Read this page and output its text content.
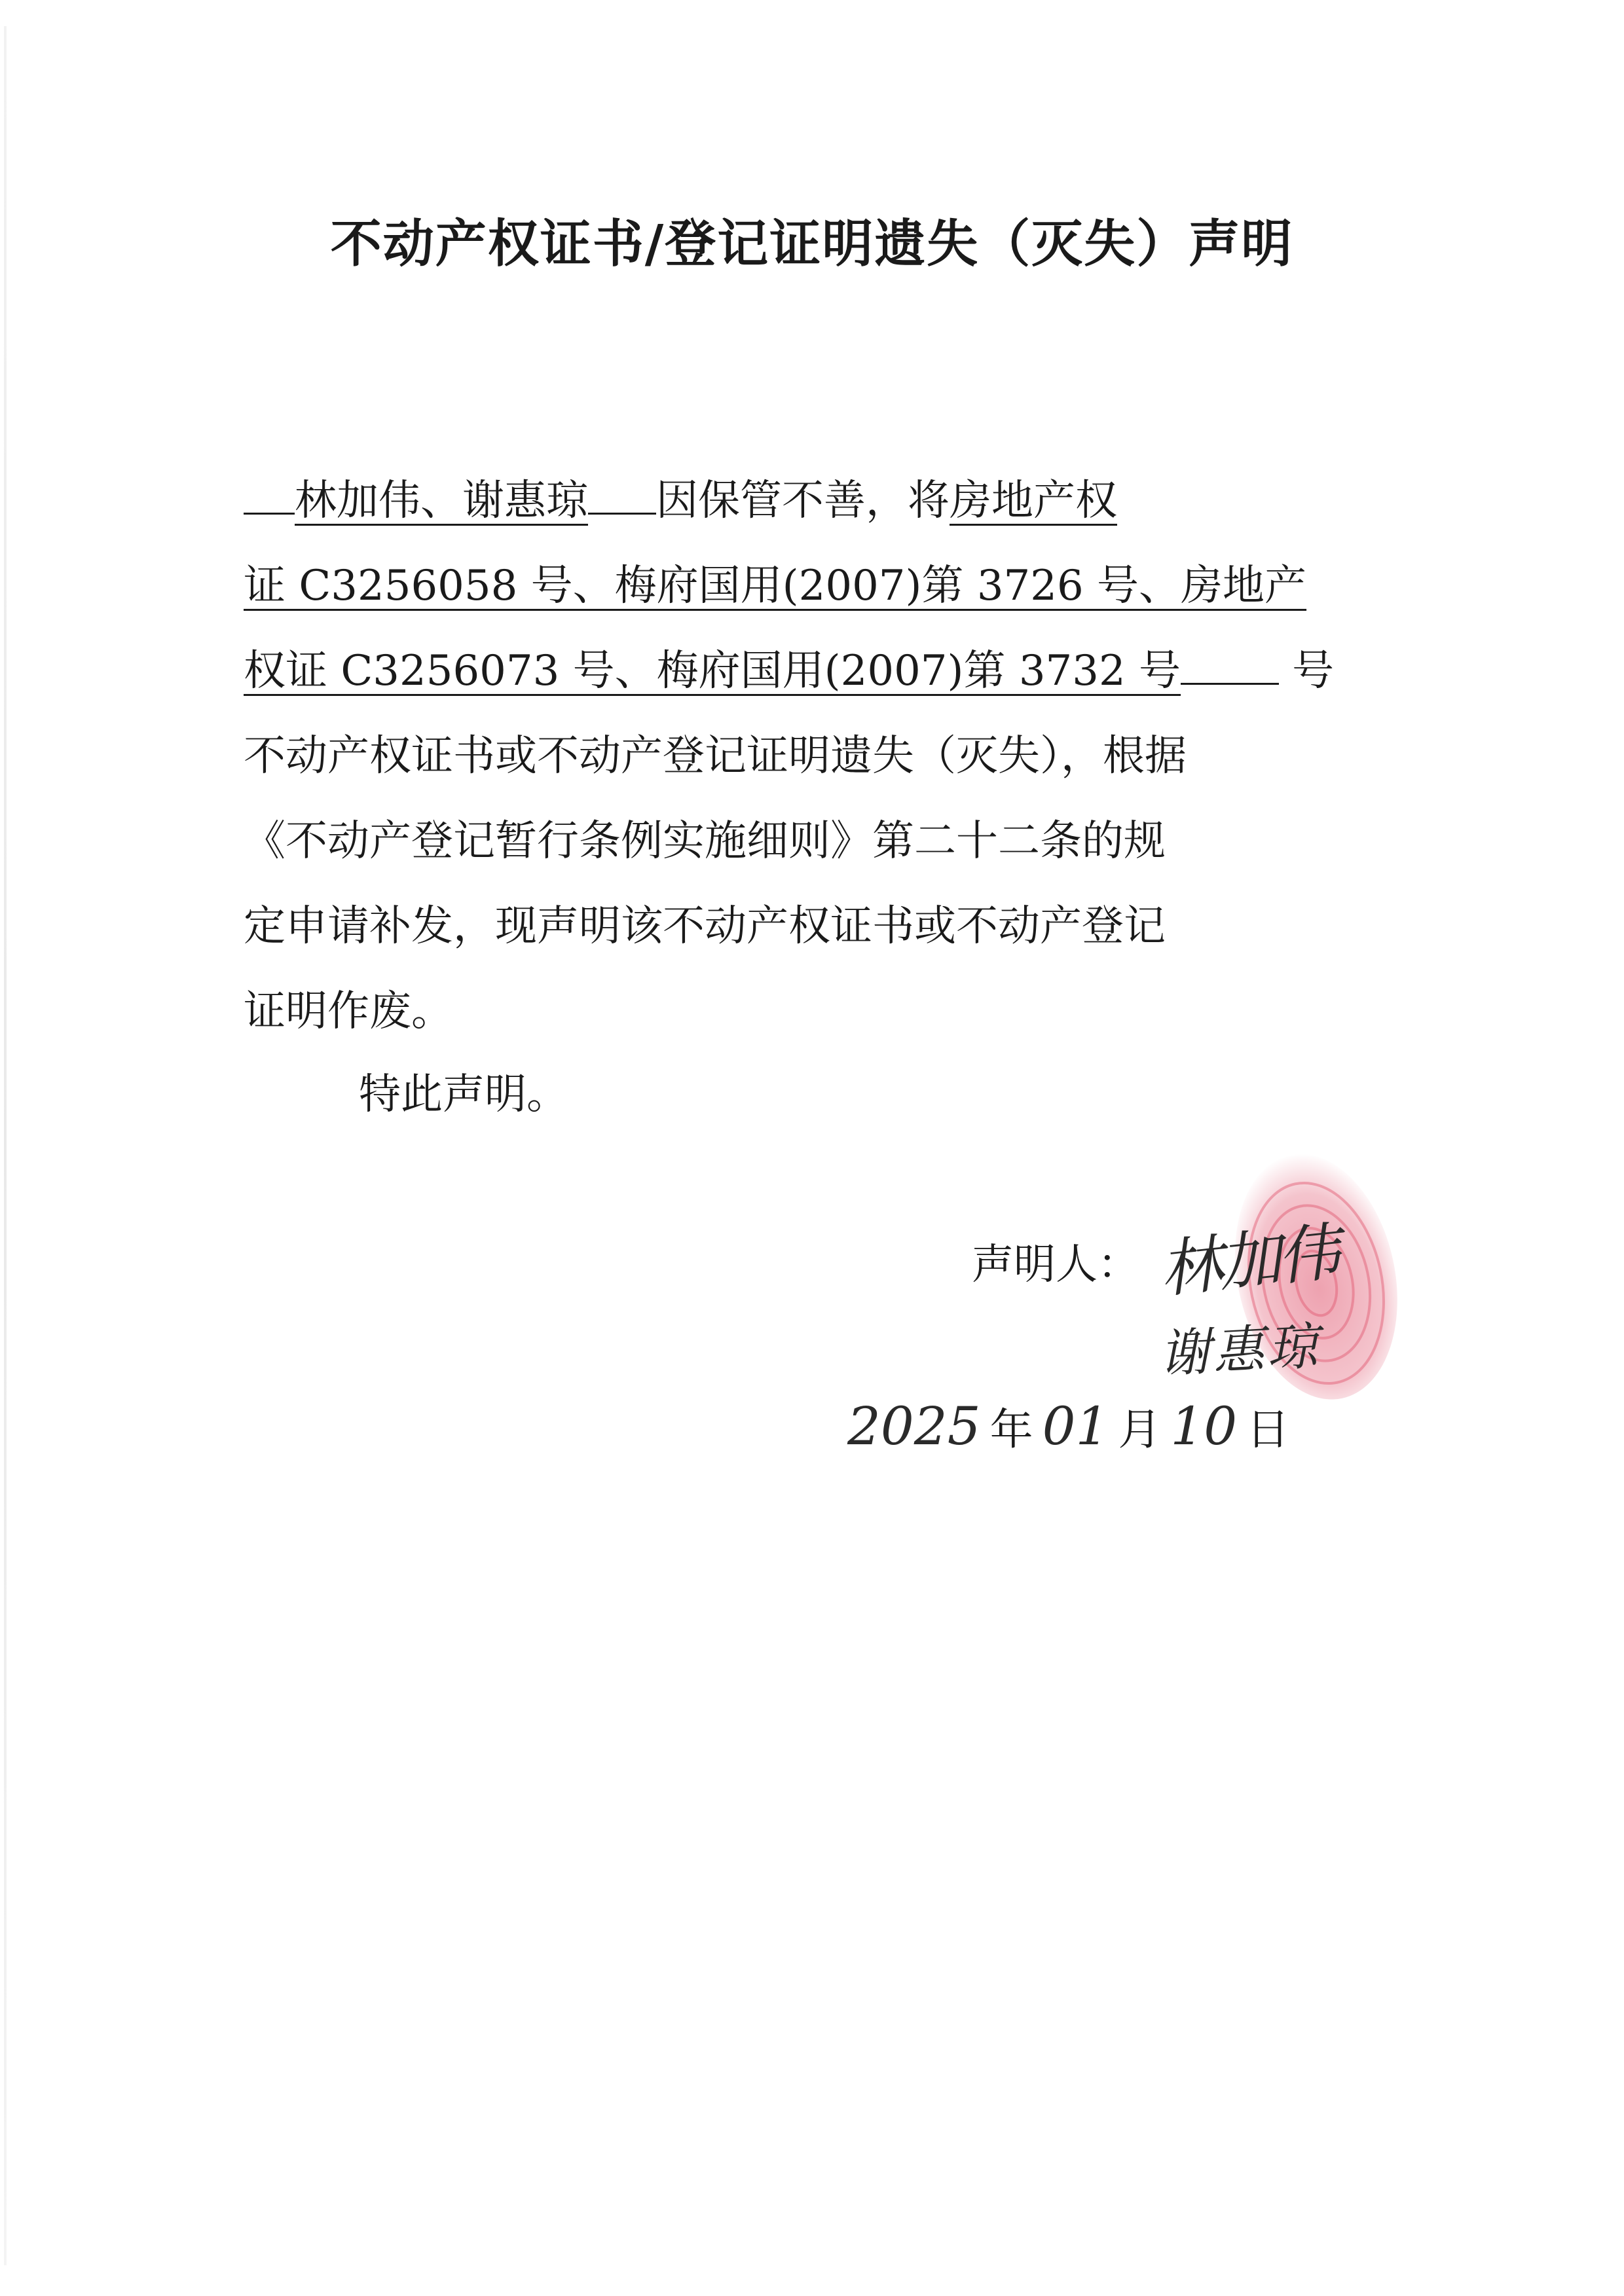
不动产权证书/登记证明遗失（灭失）声明
林加伟、谢惠琼 因保管不善，将房地产权
证 C3256058 号、梅府国用(2007)第 3726 号、房地产
权证 C3256073 号、梅府国用(2007)第 3732 号	号
不动产权证书或不动产登记证明遗失（灭失），根据
《不动产登记暂行条例实施细则》第二十二条的规
定申请补发，现声明该不动产权证书或不动产登记
证明作废。
特此声明。
声明人： 林加伟
谢惠琼
2025 年 01 月 10 日
